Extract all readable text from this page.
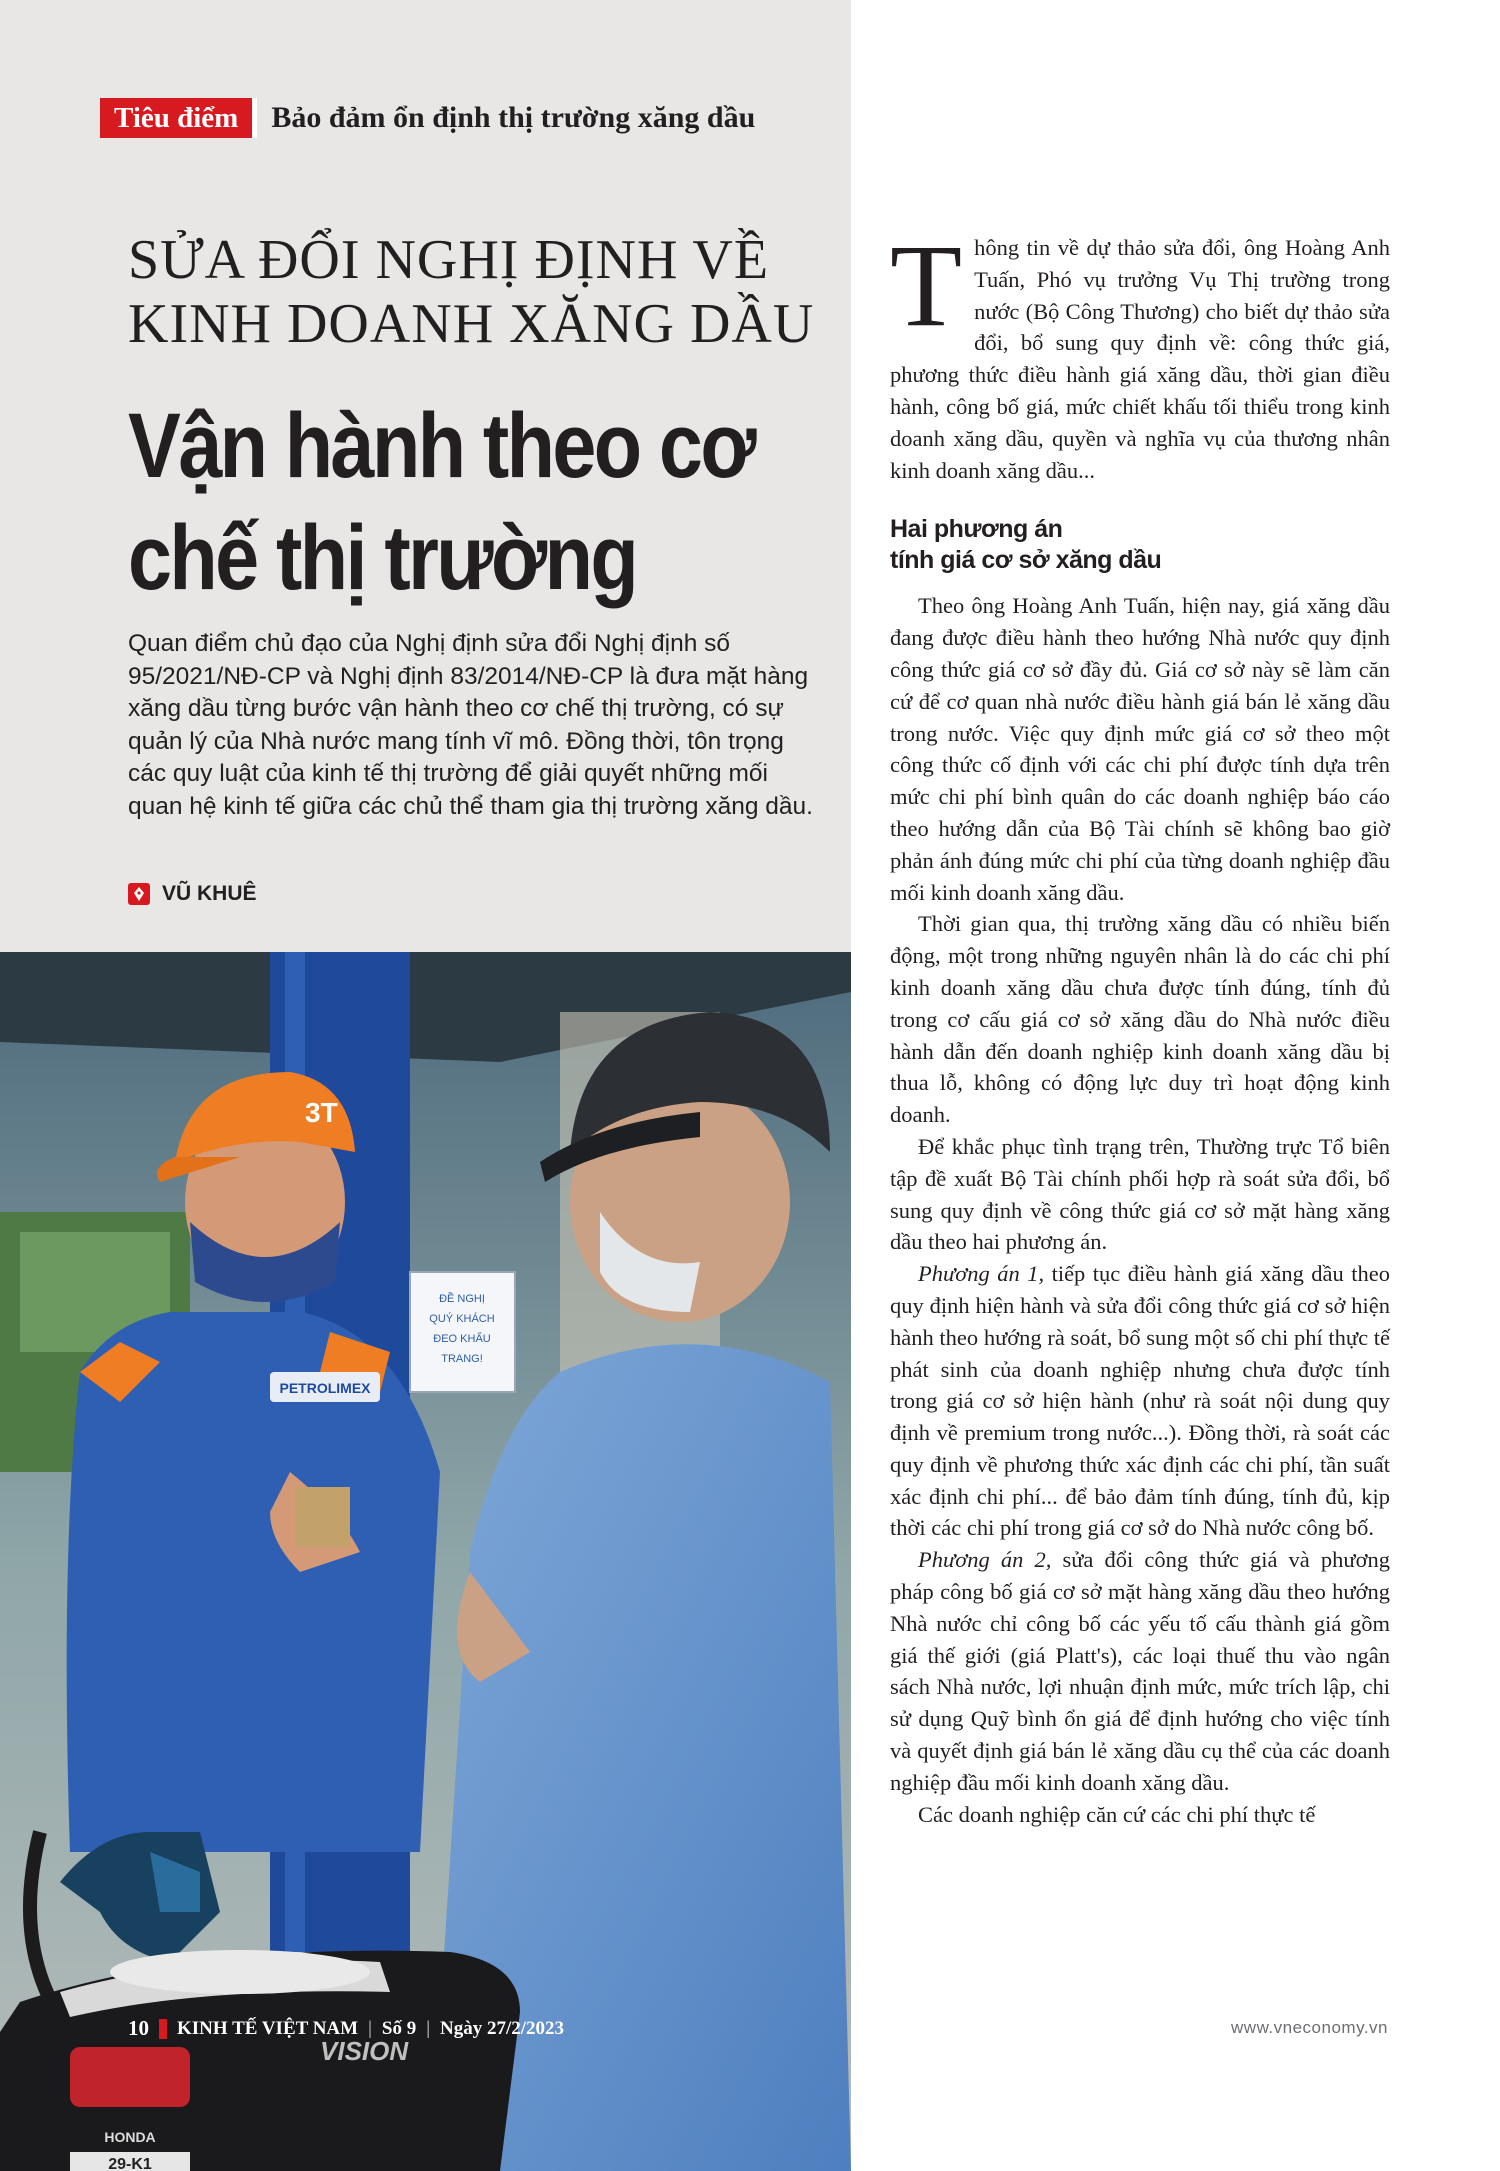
Tiêu điểm	Bảo đảm ổn định thị trường xăng dầu
SỬA ĐỔI NGHỊ ĐỊNH VỀ
KINH DOANH XĂNG DẦU
Vận hành theo cơ
chế thị trường

Quan điểm chủ đạo của Nghị định sửa đổi Nghị định số 95/2021/NĐ-CP và Nghị định 83/2014/NĐ-CP là đưa mặt hàng xăng dầu từng bước vận hành theo cơ chế thị trường, có sự quản lý của Nhà nước mang tính vĩ mô. Đồng thời, tôn trọng các quy luật của kinh tế thị trường để giải quyết những mối quan hệ kinh tế giữa các chủ thể tham gia thị trường xăng dầu.

VŨ KHUÊ
ĐỀ NGHỊ
QUÝ KHÁCH
ĐEO KHẨU
TRANG!
PETROLIMEX
3T
VISION
HONDA
29-K1
10 KINH TẾ VIỆT NAM | Số 9 | Ngày 27/2/2023	www.vneconomy.vn

Thông tin về dự thảo sửa đổi, ông Hoàng Anh Tuấn, Phó vụ trưởng Vụ Thị trường trong nước (Bộ Công Thương) cho biết dự thảo sửa đổi, bổ sung quy định về: công thức giá, phương thức điều hành giá xăng dầu, thời gian điều hành, công bố giá, mức chiết khấu tối thiểu trong kinh doanh xăng dầu, quyền và nghĩa vụ của thương nhân kinh doanh xăng dầu...

Hai phương án
tính giá cơ sở xăng dầu

Theo ông Hoàng Anh Tuấn, hiện nay, giá xăng dầu đang được điều hành theo hướng Nhà nước quy định công thức giá cơ sở đầy đủ. Giá cơ sở này sẽ làm căn cứ để cơ quan nhà nước điều hành giá bán lẻ xăng dầu trong nước. Việc quy định mức giá cơ sở theo một công thức cố định với các chi phí được tính dựa trên mức chi phí bình quân do các doanh nghiệp báo cáo theo hướng dẫn của Bộ Tài chính sẽ không bao giờ phản ánh đúng mức chi phí của từng doanh nghiệp đầu mối kinh doanh xăng dầu.

Thời gian qua, thị trường xăng dầu có nhiều biến động, một trong những nguyên nhân là do các chi phí kinh doanh xăng dầu chưa được tính đúng, tính đủ trong cơ cấu giá cơ sở xăng dầu do Nhà nước điều hành dẫn đến doanh nghiệp kinh doanh xăng dầu bị thua lỗ, không có động lực duy trì hoạt động kinh doanh.

Để khắc phục tình trạng trên, Thường trực Tổ biên tập đề xuất Bộ Tài chính phối hợp rà soát sửa đổi, bổ sung quy định về công thức giá cơ sở mặt hàng xăng dầu theo hai phương án.

Phương án 1, tiếp tục điều hành giá xăng dầu theo quy định hiện hành và sửa đổi công thức giá cơ sở hiện hành theo hướng rà soát, bổ sung một số chi phí thực tế phát sinh của doanh nghiệp nhưng chưa được tính trong giá cơ sở hiện hành (như rà soát nội dung quy định về premium trong nước...). Đồng thời, rà soát các quy định về phương thức xác định các chi phí, tần suất xác định chi phí... để bảo đảm tính đúng, tính đủ, kịp thời các chi phí trong giá cơ sở do Nhà nước công bố.

Phương án 2, sửa đổi công thức giá và phương pháp công bố giá cơ sở mặt hàng xăng dầu theo hướng Nhà nước chỉ công bố các yếu tố cấu thành giá gồm giá thế giới (giá Platt's), các loại thuế thu vào ngân sách Nhà nước, lợi nhuận định mức, mức trích lập, chi sử dụng Quỹ bình ổn giá để định hướng cho việc tính và quyết định giá bán lẻ xăng dầu cụ thể của các doanh nghiệp đầu mối kinh doanh xăng dầu.

Các doanh nghiệp căn cứ các chi phí thực tế
